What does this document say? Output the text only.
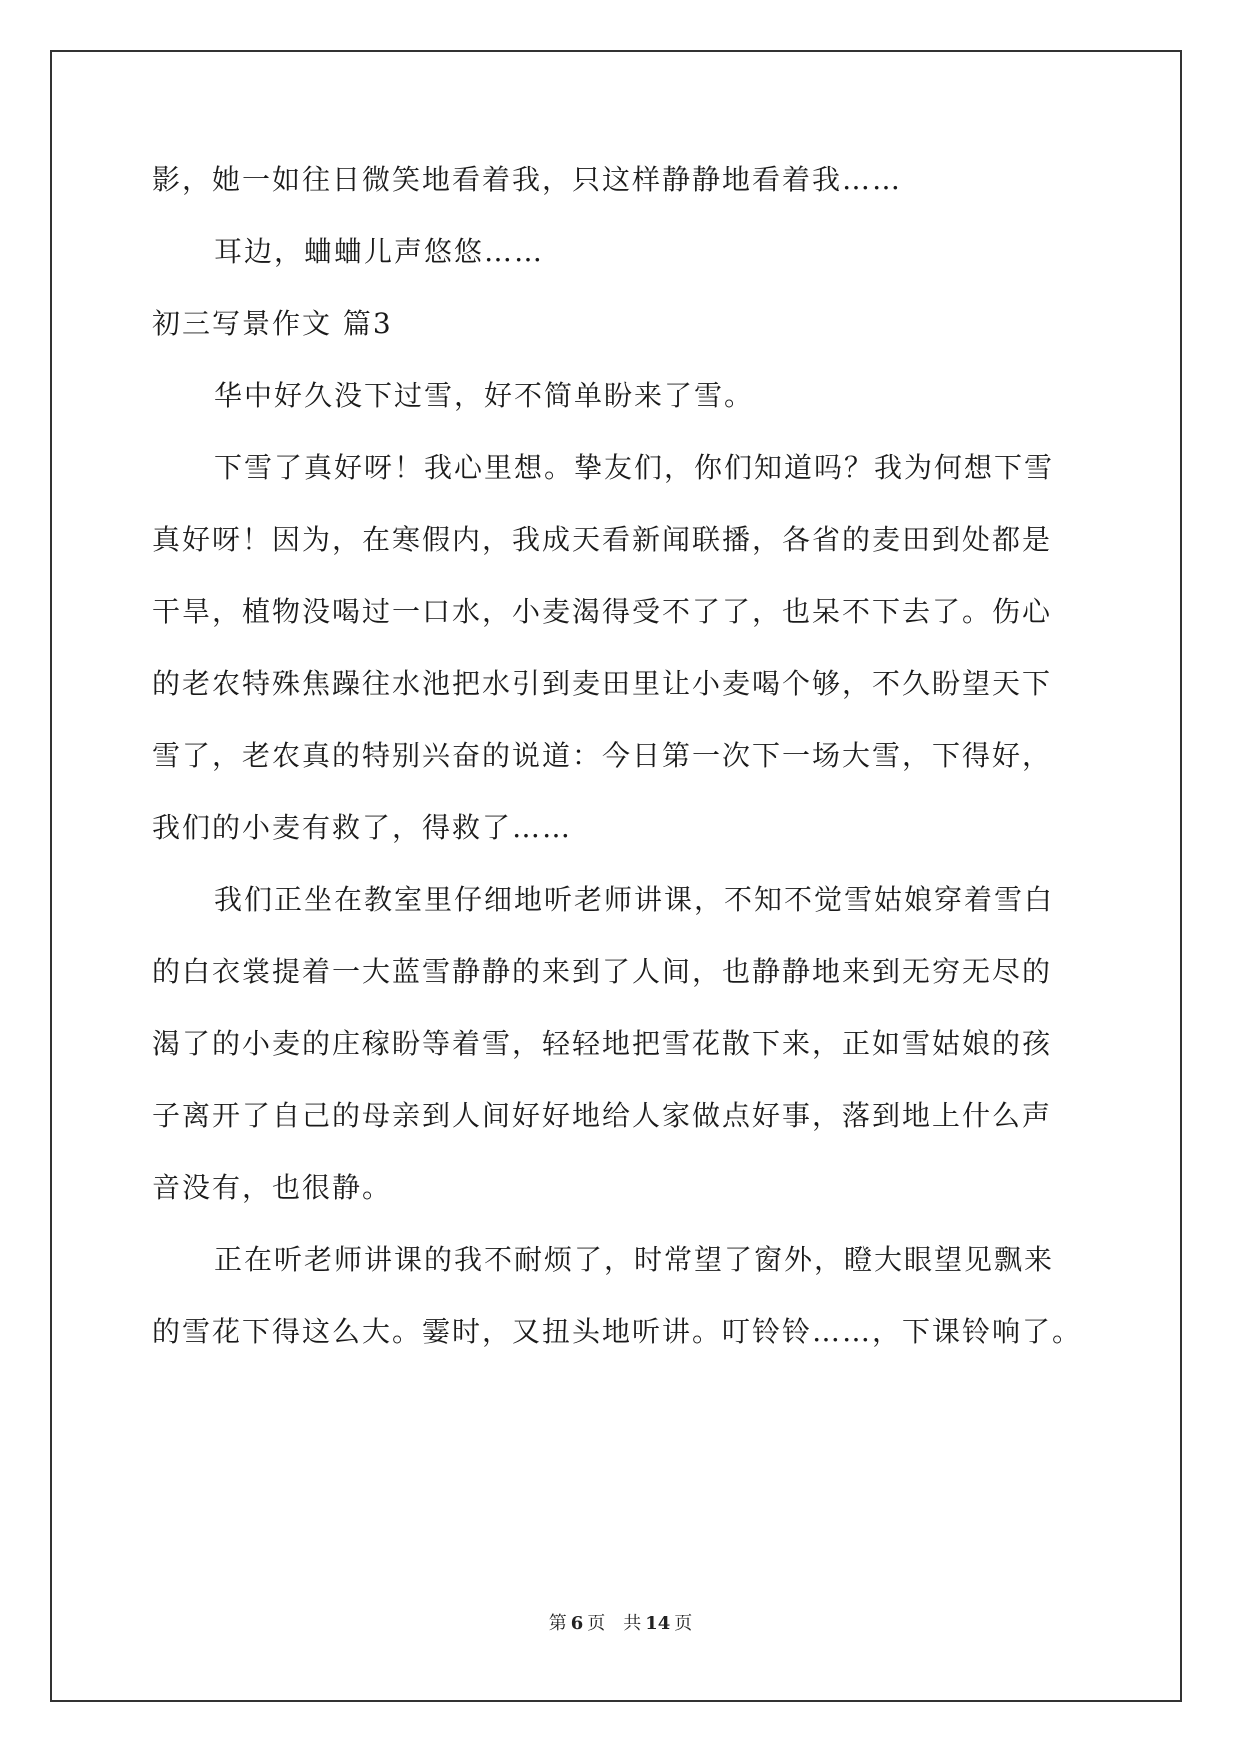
影，她一如往日微笑地看着我，只这样静静地看着我……
耳边，蛐蛐儿声悠悠……
初三写景作文 篇3
华中好久没下过雪，好不简单盼来了雪。
下雪了真好呀！我心里想。挚友们，你们知道吗？我为何想下雪
真好呀！因为，在寒假内，我成天看新闻联播，各省的麦田到处都是
干旱，植物没喝过一口水，小麦渴得受不了了，也呆不下去了。伤心
的老农特殊焦躁往水池把水引到麦田里让小麦喝个够，不久盼望天下
雪了，老农真的特别兴奋的说道：今日第一次下一场大雪，下得好，
我们的小麦有救了，得救了……
我们正坐在教室里仔细地听老师讲课，不知不觉雪姑娘穿着雪白
的白衣裳提着一大蓝雪静静的来到了人间，也静静地来到无穷无尽的
渴了的小麦的庄稼盼等着雪，轻轻地把雪花散下来，正如雪姑娘的孩
子离开了自己的母亲到人间好好地给人家做点好事，落到地上什么声
音没有，也很静。
正在听老师讲课的我不耐烦了，时常望了窗外，瞪大眼望见飘来
的雪花下得这么大。霎时，又扭头地听讲。叮铃铃……，下课铃响了。
第 6 页 共 14 页
